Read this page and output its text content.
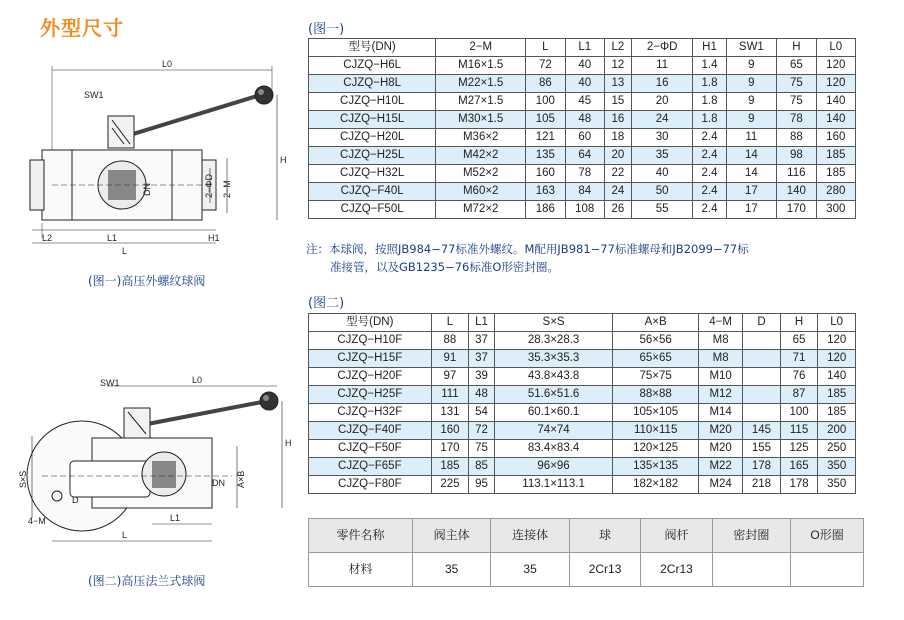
外型尺寸
L0
SW1
H
2−ΦD 2−M
DN
L2	L1
L
H1
(图一)高压外螺纹球阀
L0
SW1
H
S×S	A×B
DN
D
4−M	L1
L
(图二)高压法兰式球阀
(图一)
型号(DN)	2−M	L	L1	L2	2−ΦD	H1	SW1	H	L0
CJZQ−H6L	M16×1.5	72	40	12	11	1.4	9	65	120
CJZQ−H8L	M22×1.5	86	40	13	16	1.8	9	75	120
CJZQ−H10L	M27×1.5	100	45	15	20	1.8	9	75	140
CJZQ−H15L	M30×1.5	105	48	16	24	1.8	9	78	140
CJZQ−H20L	M36×2	121	60	18	30	2.4	11	88	160
CJZQ−H25L	M42×2	135	64	20	35	2.4	14	98	185
CJZQ−H32L	M52×2	160	78	22	40	2.4	14	116	185
CJZQ−F40L	M60×2	163	84	24	50	2.4	17	140	280
CJZQ−F50L	M72×2	186	108	26	55	2.4	17	170	300
注：本球阀，按照JB984−77标准外螺纹。M配用JB981−77标准螺母和JB2099−77标
准接管，以及GB1235−76标准O形密封圈。
(图二)
型号(DN)	L	L1	S×S	A×B	4−M	D	H	L0
CJZQ−H10F	88	37	28.3×28.3	56×56	M8		65	120
CJZQ−H15F	91	37	35.3×35.3	65×65	M8		71	120
CJZQ−H20F	97	39	43.8×43.8	75×75	M10		76	140
CJZQ−H25F	111	48	51.6×51.6	88×88	M12		87	185
CJZQ−H32F	131	54	60.1×60.1	105×105	M14		100	185
CJZQ−F40F	160	72	74×74	110×115	M20	145	115	200
CJZQ−F50F	170	75	83.4×83.4	120×125	M20	155	125	250
CJZQ−F65F	185	85	96×96	135×135	M22	178	165	350
CJZQ−F80F	225	95	113.1×113.1	182×182	M24	218	178	350
零件名称	阀主体	连接体	球	阀杆	密封圈	O形圈
材料	35	35	2Cr13	2Cr13		
